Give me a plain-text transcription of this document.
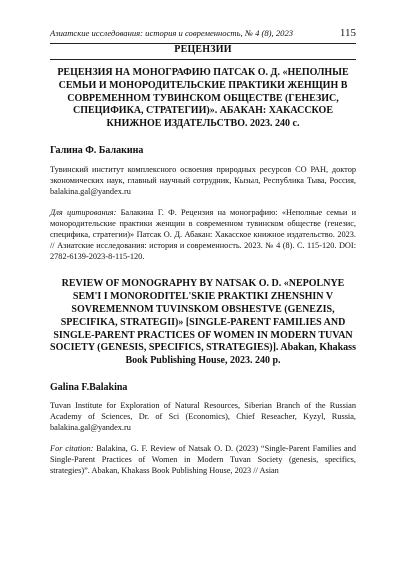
Азиатские исследования: история и современность, № 4 (8), 2023	115
РЕЦЕНЗИИ

РЕЦЕНЗИЯ НА МОНОГРАФИЮ ПАТСАК О. Д. «НЕПОЛНЫЕ СЕМЬИ И МОНОРОДИТЕЛЬСКИЕ ПРАКТИКИ ЖЕНЩИН В СОВРЕМЕННОМ ТУВИНСКОМ ОБЩЕСТВЕ (ГЕНЕЗИС, СПЕЦИФИКА, СТРАТЕГИИ)». АБАКАН: ХАКАССКОЕ КНИЖНОЕ ИЗДАТЕЛЬСТВО. 2023. 240 с.

Галина Ф. Балакина

Тувинский институт комплексного освоения природных ресурсов СО РАН, доктор экономических наук, главный научный сотрудник, Кызыл, Республика Тыва, Россия, balakina.gal@yandex.ru

Для цитирования: Балакина Г. Ф. Рецензия на монографию: «Неполные семьи и монородительские практики женщин в современном тувинском обществе (генезис, специфика, стратегии)» Патсак О. Д. Абакан: Хакасское книжное издательство. 2023. // Азиатские исследования: история и современность. 2023. № 4 (8). С. 115-120. DOI: 2782-6139-2023-8-115-120.

REVIEW OF MONOGRAPHY BY NATSAK O. D. «NEPOLNYE SEM'I I MONORODITEL'SKIE PRAKTIKI ZHENSHIN V SOVREMENNOM TUVINSKOM OBSHESTVE (GENEZIS, SPECIFIKA, STRATEGII)» [SINGLE-PARENT FAMILIES AND SINGLE-PARENT PRACTICES OF WOMEN IN MODERN TUVAN SOCIETY (GENESIS, SPECIFICS, STRATEGIES)]. Abakan, Khakass Book Publishing House, 2023. 240 p.

Galina F.Balakina

Tuvan Institute for Exploration of Natural Resources, Siberian Branch of the Russian Academy of Sciences, Dr. of Sci (Economics), Chief Reseacher, Kyzyl, Russia, balakina.gal@yandex.ru

For citation: Balakina, G. F. Review of Natsak O. D. (2023) “Single-Parent Families and Single-Parent Practices of Women in Modern Tuvan Society (genesis, specifics, strategies)”. Abakan, Khakass Book Publishing House, 2023 // Asian
